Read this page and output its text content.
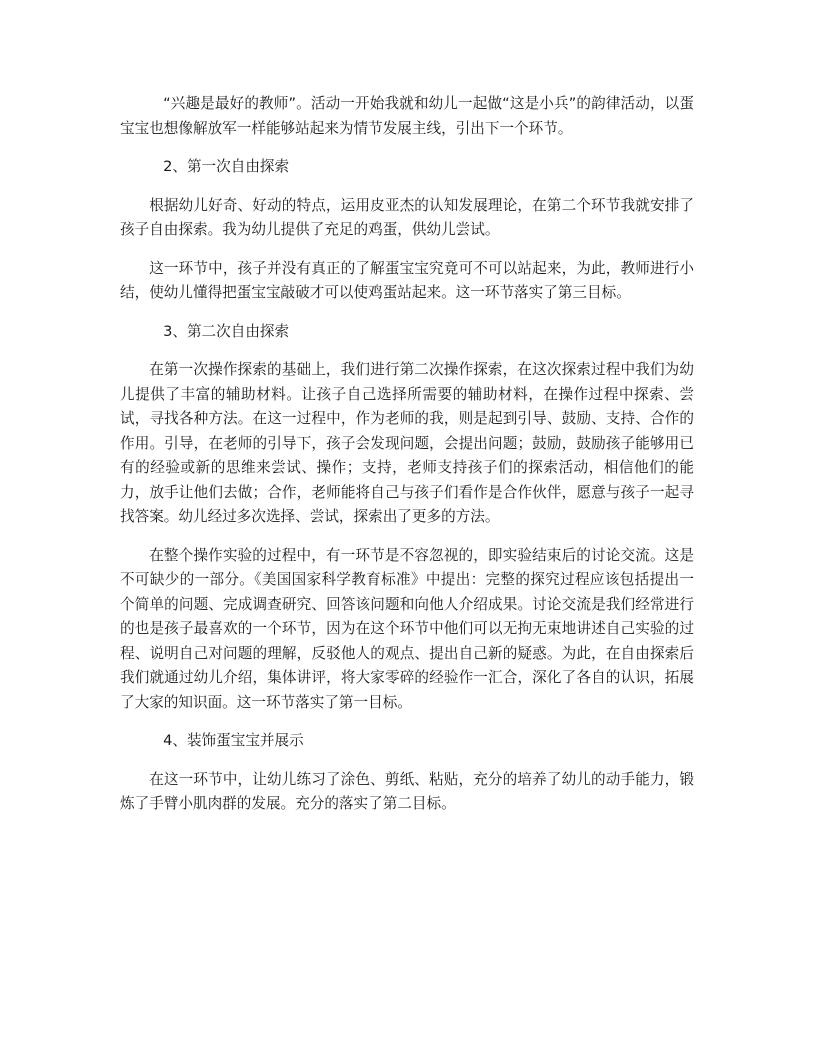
“兴趣是最好的教师”。活动一开始我就和幼儿一起做“这是小兵”的韵律活动，以蛋宝宝也想像解放军一样能够站起来为情节发展主线，引出下一个环节。

2、第一次自由探索

根据幼儿好奇、好动的特点，运用皮亚杰的认知发展理论，在第二个环节我就安排了孩子自由探索。我为幼儿提供了充足的鸡蛋，供幼儿尝试。

这一环节中，孩子并没有真正的了解蛋宝宝究竟可不可以站起来，为此，教师进行小结，使幼儿懂得把蛋宝宝敲破才可以使鸡蛋站起来。这一环节落实了第三目标。

3、第二次自由探索

在第一次操作探索的基础上，我们进行第二次操作探索，在这次探索过程中我们为幼儿提供了丰富的辅助材料。让孩子自己选择所需要的辅助材料，在操作过程中探索、尝试，寻找各种方法。在这一过程中，作为老师的我，则是起到引导、鼓励、支持、合作的作用。引导，在老师的引导下，孩子会发现问题，会提出问题；鼓励，鼓励孩子能够用已有的经验或新的思维来尝试、操作；支持，老师支持孩子们的探索活动，相信他们的能力，放手让他们去做；合作，老师能将自己与孩子们看作是合作伙伴，愿意与孩子一起寻找答案。幼儿经过多次选择、尝试，探索出了更多的方法。

在整个操作实验的过程中，有一环节是不容忽视的，即实验结束后的讨论交流。这是不可缺少的一部分。《美国国家科学教育标准》中提出：完整的探究过程应该包括提出一个简单的问题、完成调查研究、回答该问题和向他人介绍成果。讨论交流是我们经常进行的也是孩子最喜欢的一个环节，因为在这个环节中他们可以无拘无束地讲述自己实验的过程、说明自己对问题的理解，反驳他人的观点、提出自己新的疑惑。为此，在自由探索后我们就通过幼儿介绍，集体讲评，将大家零碎的经验作一汇合，深化了各自的认识，拓展了大家的知识面。这一环节落实了第一目标。

4、装饰蛋宝宝并展示

在这一环节中，让幼儿练习了涂色、剪纸、粘贴，充分的培养了幼儿的动手能力，锻炼了手臂小肌肉群的发展。充分的落实了第二目标。
